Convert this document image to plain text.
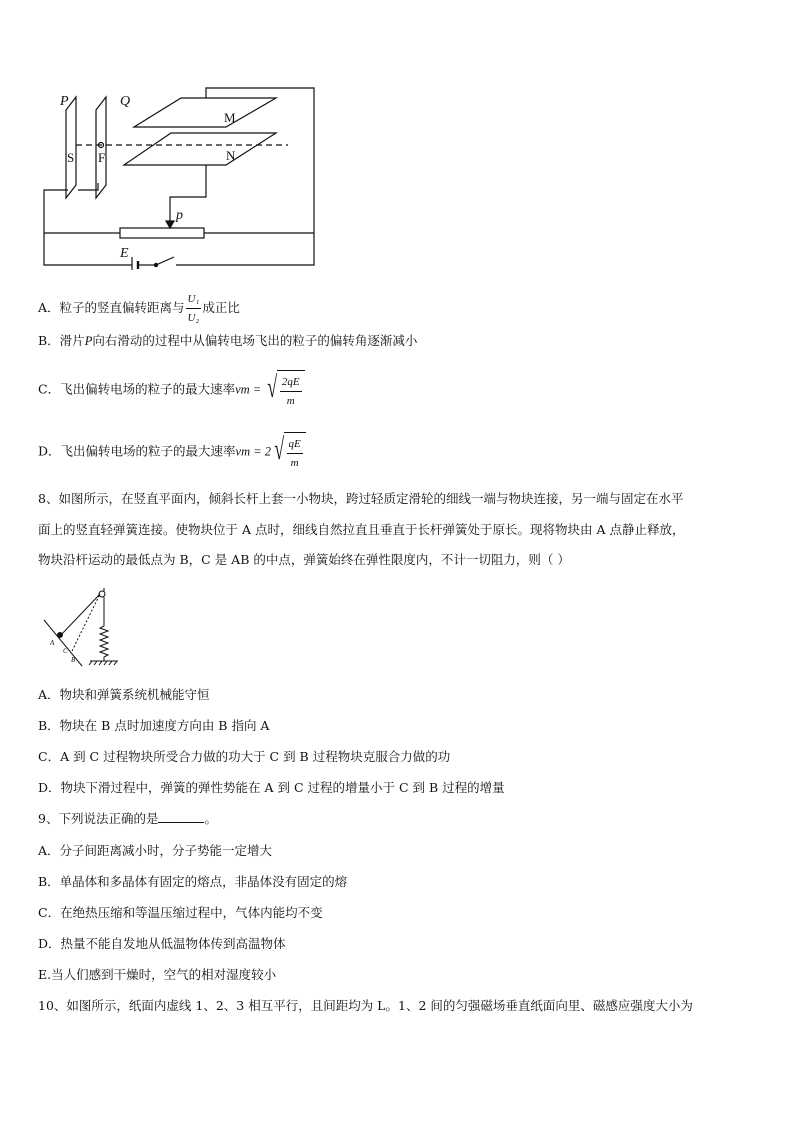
P	Q
p
E
M
N
S F
A．粒子的竖直偏转距离与 $\frac{\text{U₁}}{\text{U₂}}$ 成正比
B．滑片P向右滑动的过程中从偏转电场飞出的粒子的偏转角逐渐减小
C．飞出偏转电场的粒子的最大速率vm = √ $\frac{2qE}{m}$
D．飞出偏转电场的粒子的最大速率vm = 2 √ $\frac{qE}{m}$
8、如图所示，在竖直平面内，倾斜长杆上套一小物块，跨过轻质定滑轮的细线一端与物块连接，另一端与固定在水平
面上的竖直轻弹簧连接。使物块位于 A 点时，细线自然拉直且垂直于长杆弹簧处于原长。现将物块由 A 点静止释放，
物块沿杆运动的最低点为 B，C 是 AB 的中点，弹簧始终在弹性限度内，不计一切阻力，则（ ）
A
C
B
A．物块和弹簧系统机械能守恒
B．物块在 B 点时加速度方向由 B 指向 A
C．A 到 C 过程物块所受合力做的功大于 C 到 B 过程物块克服合力做的功
D．物块下滑过程中，弹簧的弹性势能在 A 到 C 过程的增量小于 C 到 B 过程的增量
9、下列说法正确的是	。
A．分子间距离减小时，分子势能一定增大
B．单晶体和多晶体有固定的熔点，非晶体没有固定的熔
C．在绝热压缩和等温压缩过程中，气体内能均不变
D．热量不能自发地从低温物体传到高温物体
E.当人们感到干燥时，空气的相对湿度较小
10、如图所示，纸面内虚线 1、2、3 相互平行，且间距均为 L。1、2 间的匀强磁场垂直纸面向里、磁感应强度大小为
